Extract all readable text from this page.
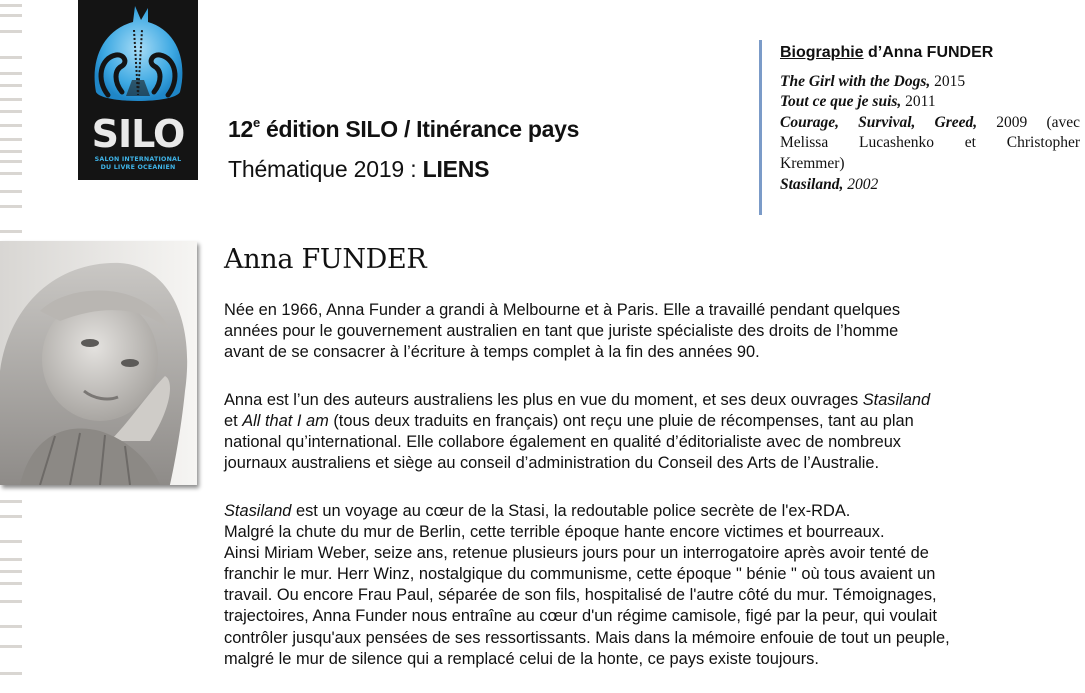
SILO
SALON INTERNATIONAL
DU LIVRE OCEANIEN
12e édition SILO / Itinérance pays
Thématique 2019 : LIENS
Biographie d’Anna FUNDER
The Girl with the Dogs, 2015
Tout ce que je suis, 2011
Courage, Survival, Greed, 2009 (avec
Melissa Lucashenko et Christopher
Kremmer)
Stasiland, 2002
Anna FUNDER

Née en 1966, Anna Funder a grandi à Melbourne et à Paris. Elle a travaillé pendant quelques

années pour le gouvernement australien en tant que juriste spécialiste des droits de l’homme

avant de se consacrer à l’écriture à temps complet à la fin des années 90.

Anna est l’un des auteurs australiens les plus en vue du moment, et ses deux ouvrages Stasiland

et All that I am (tous deux traduits en français) ont reçu une pluie de récompenses, tant au plan

national qu’international. Elle collabore également en qualité d’éditorialiste avec de nombreux

journaux australiens et siège au conseil d’administration du Conseil des Arts de l’Australie.

Stasiland est un voyage au cœur de la Stasi, la redoutable police secrète de l'ex-RDA.

Malgré la chute du mur de Berlin, cette terrible époque hante encore victimes et bourreaux.

Ainsi Miriam Weber, seize ans, retenue plusieurs jours pour un interrogatoire après avoir tenté de

franchir le mur. Herr Winz, nostalgique du communisme, cette époque " bénie " où tous avaient un

travail. Ou encore Frau Paul, séparée de son fils, hospitalisé de l'autre côté du mur. Témoignages,

trajectoires, Anna Funder nous entraîne au cœur d'un régime camisole, figé par la peur, qui voulait

contrôler jusqu'aux pensées de ses ressortissants. Mais dans la mémoire enfouie de tout un peuple,

malgré le mur de silence qui a remplacé celui de la honte, ce pays existe toujours.
